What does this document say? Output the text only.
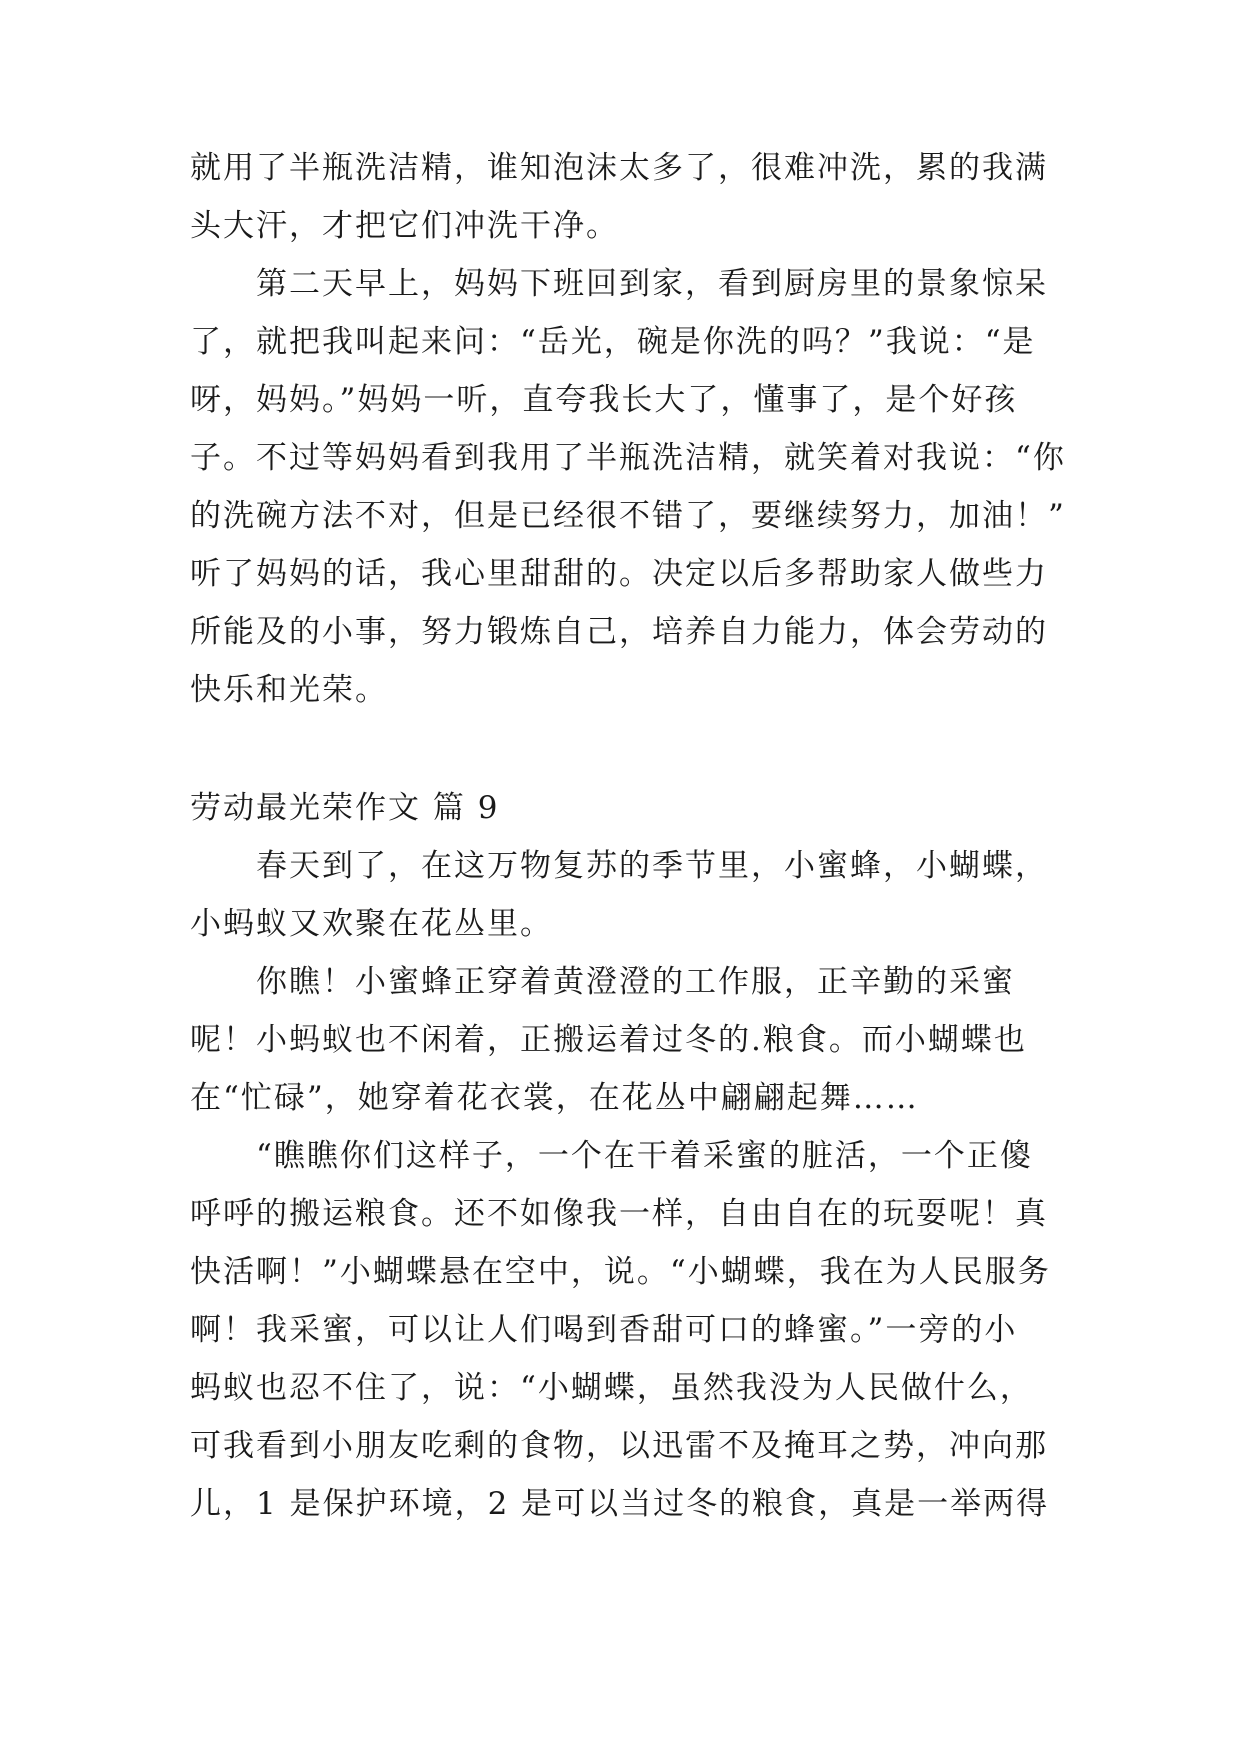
就用了半瓶洗洁精，谁知泡沫太多了，很难冲洗，累的我满
头大汗，才把它们冲洗干净。
　　第二天早上，妈妈下班回到家，看到厨房里的景象惊呆
了，就把我叫起来问：“岳光，碗是你洗的吗？”我说：“是
呀，妈妈。”妈妈一听，直夸我长大了，懂事了，是个好孩
子。不过等妈妈看到我用了半瓶洗洁精，就笑着对我说：“你
的洗碗方法不对，但是已经很不错了，要继续努力，加油！”
听了妈妈的话，我心里甜甜的。决定以后多帮助家人做些力
所能及的小事，努力锻炼自己，培养自力能力，体会劳动的
快乐和光荣。
劳动最光荣作文 篇 9
　　春天到了，在这万物复苏的季节里，小蜜蜂，小蝴蝶，
小蚂蚁又欢聚在花丛里。
　　你瞧！小蜜蜂正穿着黄澄澄的工作服，正辛勤的采蜜
呢！小蚂蚁也不闲着，正搬运着过冬的.粮食。而小蝴蝶也
在“忙碌”，她穿着花衣裳，在花丛中翩翩起舞……
　　“瞧瞧你们这样子，一个在干着采蜜的脏活，一个正傻
呼呼的搬运粮食。还不如像我一样，自由自在的玩耍呢！真
快活啊！”小蝴蝶悬在空中，说。“小蝴蝶，我在为人民服务
啊！我采蜜，可以让人们喝到香甜可口的蜂蜜。”一旁的小
蚂蚁也忍不住了，说：“小蝴蝶，虽然我没为人民做什么，
可我看到小朋友吃剩的食物，以迅雷不及掩耳之势，冲向那
儿，1 是保护环境，2 是可以当过冬的粮食，真是一举两得
